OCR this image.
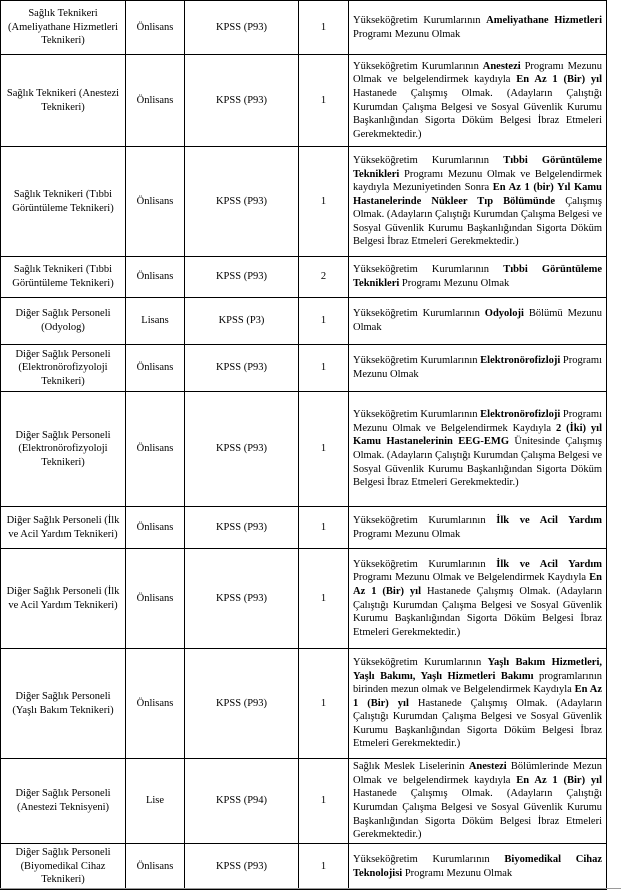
Sağlık Teknikeri (Ameliyathane Hizmetleri Teknikeri)	Önlisans	KPSS (P93)	1	Yükseköğretim Kurumlarının Ameliyathane Hizmetleri Programı Mezunu Olmak
Sağlık Teknikeri (Anestezi Teknikeri)	Önlisans	KPSS (P93)	1	Yükseköğretim Kurumlarının Anestezi Programı Mezunu Olmak ve belgelendirmek kaydıyla En Az 1 (Bir) yıl Hastanede Çalışmış Olmak. (Adayların Çalıştığı Kurumdan Çalışma Belgesi ve Sosyal Güvenlik Kurumu Başkanlığından Sigorta Döküm Belgesi İbraz Etmeleri Gerekmektedir.)
Sağlık Teknikeri (Tıbbi Görüntüleme Teknikeri)	Önlisans	KPSS (P93)	1	Yükseköğretim Kurumlarının Tıbbi Görüntüleme Teknikleri Programı Mezunu Olmak ve Belgelendirmek kaydıyla Mezuniyetinden Sonra En Az 1 (bir) Yıl Kamu Hastanelerinde Nükleer Tıp Bölümünde Çalışmış Olmak. (Adayların Çalıştığı Kurumdan Çalışma Belgesi ve Sosyal Güvenlik Kurumu Başkanlığından Sigorta Döküm Belgesi İbraz Etmeleri Gerekmektedir.)
Sağlık Teknikeri (Tıbbi Görüntüleme Teknikeri)	Önlisans	KPSS (P93)	2	Yükseköğretim Kurumlarının Tıbbi Görüntüleme Teknikleri Programı Mezunu Olmak
Diğer Sağlık Personeli (Odyolog)	Lisans	KPSS (P3)	1	Yükseköğretim Kurumlarının Odyoloji Bölümü Mezunu Olmak
Diğer Sağlık Personeli (Elektronörofizyoloji Teknikeri)	Önlisans	KPSS (P93)	1	Yükseköğretim Kurumlarının Elektronörofizloji Programı Mezunu Olmak
Diğer Sağlık Personeli (Elektronörofizyoloji Teknikeri)	Önlisans	KPSS (P93)	1	Yükseköğretim Kurumlarının Elektronörofizloji Programı Mezunu Olmak ve Belgelendirmek Kaydıyla 2 (İki) yıl Kamu Hastanelerinin EEG-EMG Ünitesinde Çalışmış Olmak. (Adayların Çalıştığı Kurumdan Çalışma Belgesi ve Sosyal Güvenlik Kurumu Başkanlığından Sigorta Döküm Belgesi İbraz Etmeleri Gerekmektedir.)
Diğer Sağlık Personeli (İlk ve Acil Yardım Teknikeri)	Önlisans	KPSS (P93)	1	Yükseköğretim Kurumlarının İlk ve Acil Yardım Programı Mezunu Olmak
Diğer Sağlık Personeli (İlk ve Acil Yardım Teknikeri)	Önlisans	KPSS (P93)	1	Yükseköğretim Kurumlarının İlk ve Acil Yardım Programı Mezunu Olmak ve Belgelendirmek Kaydıyla En Az 1 (Bir) yıl Hastanede Çalışmış Olmak. (Adayların Çalıştığı Kurumdan Çalışma Belgesi ve Sosyal Güvenlik Kurumu Başkanlığından Sigorta Döküm Belgesi İbraz Etmeleri Gerekmektedir.)
Diğer Sağlık Personeli (Yaşlı Bakım Teknikeri)	Önlisans	KPSS (P93)	1	Yükseköğretim Kurumlarının Yaşlı Bakım Hizmetleri, Yaşlı Bakımı, Yaşlı Hizmetleri Bakımı programlarının birinden mezun olmak ve Belgelendirmek Kaydıyla En Az 1 (Bir) yıl Hastanede Çalışmış Olmak. (Adayların Çalıştığı Kurumdan Çalışma Belgesi ve Sosyal Güvenlik Kurumu Başkanlığından Sigorta Döküm Belgesi İbraz Etmeleri Gerekmektedir.)
Diğer Sağlık Personeli (Anestezi Teknisyeni)	Lise	KPSS (P94)	1	Sağlık Meslek Liselerinin Anestezi Bölümlerinde Mezun Olmak ve belgelendirmek kaydıyla En Az 1 (Bir) yıl Hastanede Çalışmış Olmak. (Adayların Çalıştığı Kurumdan Çalışma Belgesi ve Sosyal Güvenlik Kurumu Başkanlığından Sigorta Döküm Belgesi İbraz Etmeleri Gerekmektedir.)
Diğer Sağlık Personeli (Biyomedikal Cihaz Teknikeri)	Önlisans	KPSS (P93)	1	Yükseköğretim Kurumlarının Biyomedikal Cihaz Teknolojisi Programı Mezunu Olmak
